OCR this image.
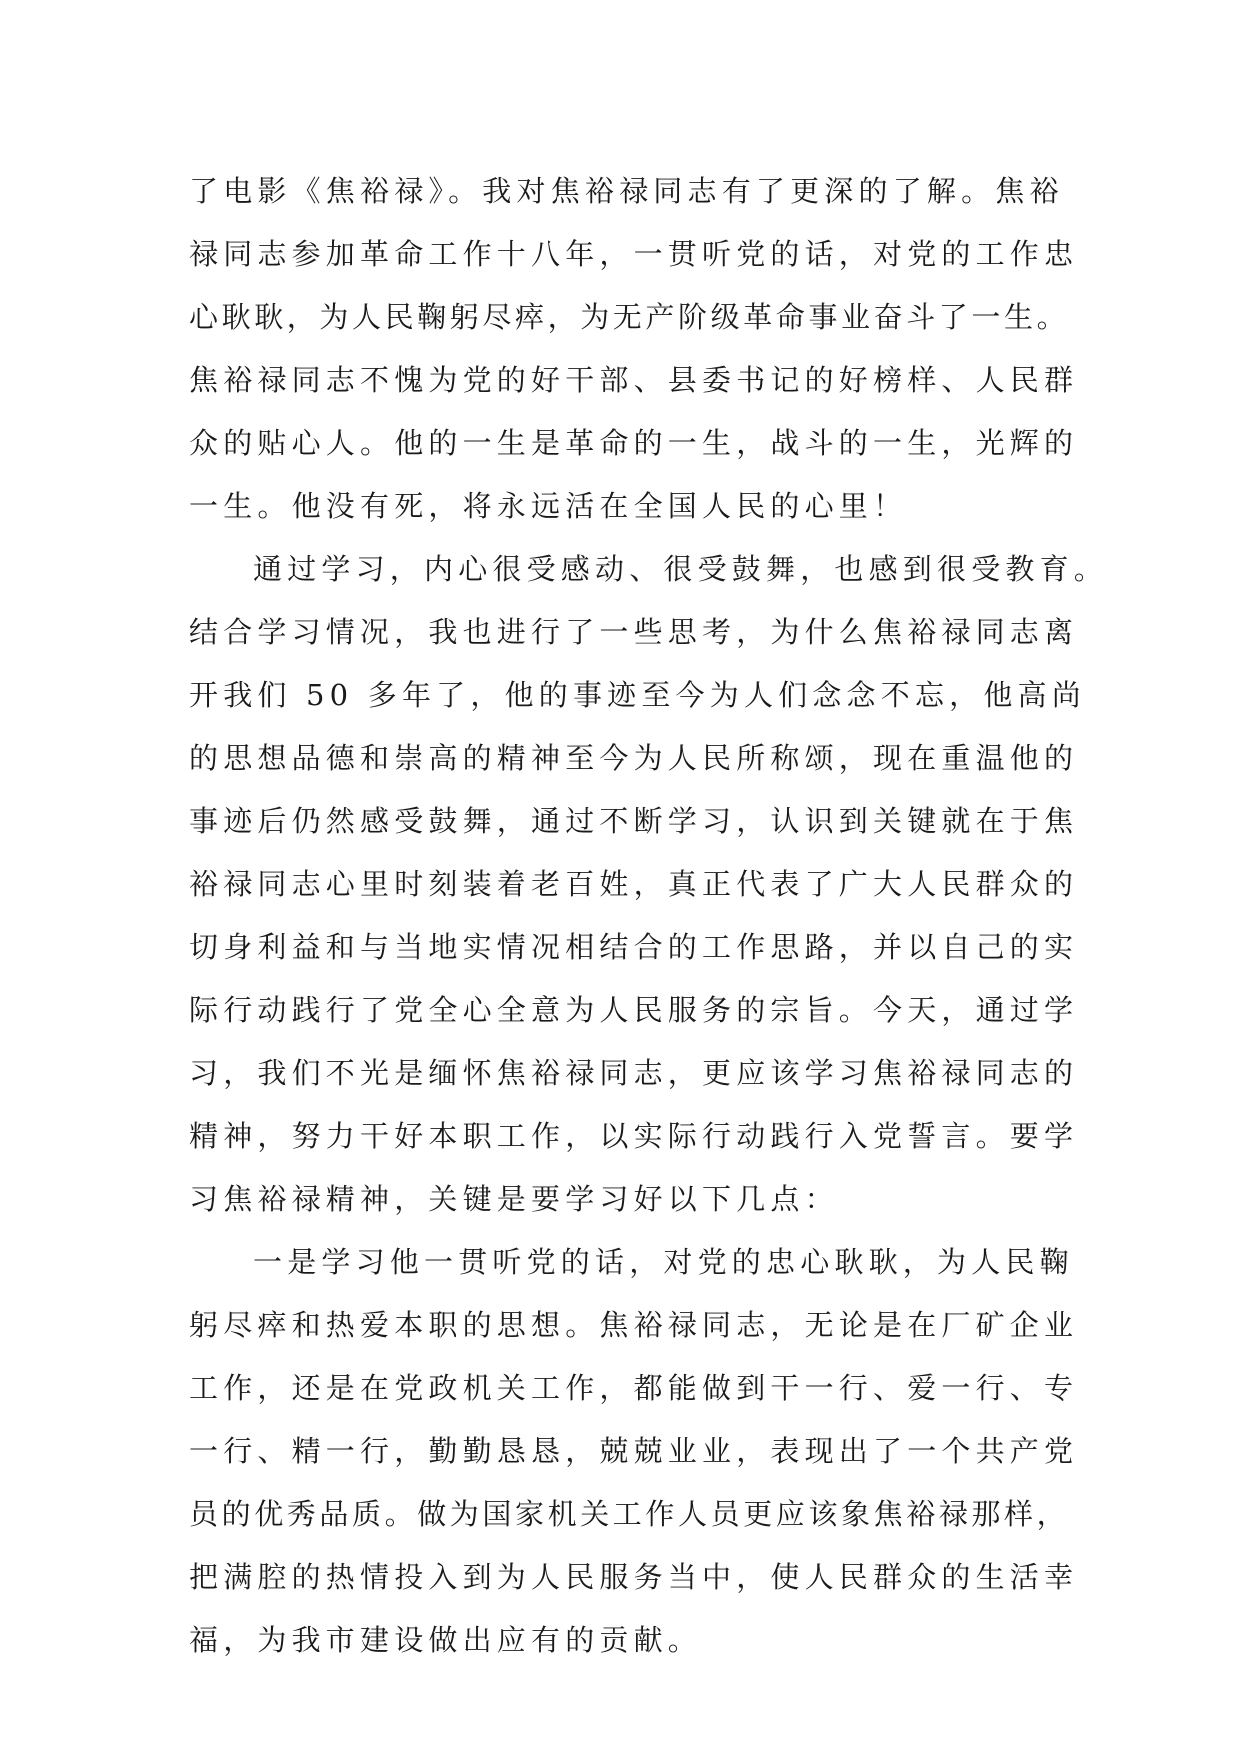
了电影《焦裕禄》。我对焦裕禄同志有了更深的了解。焦裕
禄同志参加革命工作十八年，一贯听党的话，对党的工作忠
心耿耿，为人民鞠躬尽瘁，为无产阶级革命事业奋斗了一生。
焦裕禄同志不愧为党的好干部、县委书记的好榜样、人民群
众的贴心人。他的一生是革命的一生，战斗的一生，光辉的
一生。他没有死，将永远活在全国人民的心里！
通过学习，内心很受感动、很受鼓舞，也感到很受教育。
结合学习情况，我也进行了一些思考，为什么焦裕禄同志离
开我们 50 多年了，他的事迹至今为人们念念不忘，他高尚
的思想品德和崇高的精神至今为人民所称颂，现在重温他的
事迹后仍然感受鼓舞，通过不断学习，认识到关键就在于焦
裕禄同志心里时刻装着老百姓，真正代表了广大人民群众的
切身利益和与当地实情况相结合的工作思路，并以自己的实
际行动践行了党全心全意为人民服务的宗旨。今天，通过学
习，我们不光是缅怀焦裕禄同志，更应该学习焦裕禄同志的
精神，努力干好本职工作，以实际行动践行入党誓言。要学
习焦裕禄精神，关键是要学习好以下几点：
一是学习他一贯听党的话，对党的忠心耿耿，为人民鞠
躬尽瘁和热爱本职的思想。焦裕禄同志，无论是在厂矿企业
工作，还是在党政机关工作，都能做到干一行、爱一行、专
一行、精一行，勤勤恳恳，兢兢业业，表现出了一个共产党
员的优秀品质。做为国家机关工作人员更应该象焦裕禄那样，
把满腔的热情投入到为人民服务当中，使人民群众的生活幸
福，为我市建设做出应有的贡献。
